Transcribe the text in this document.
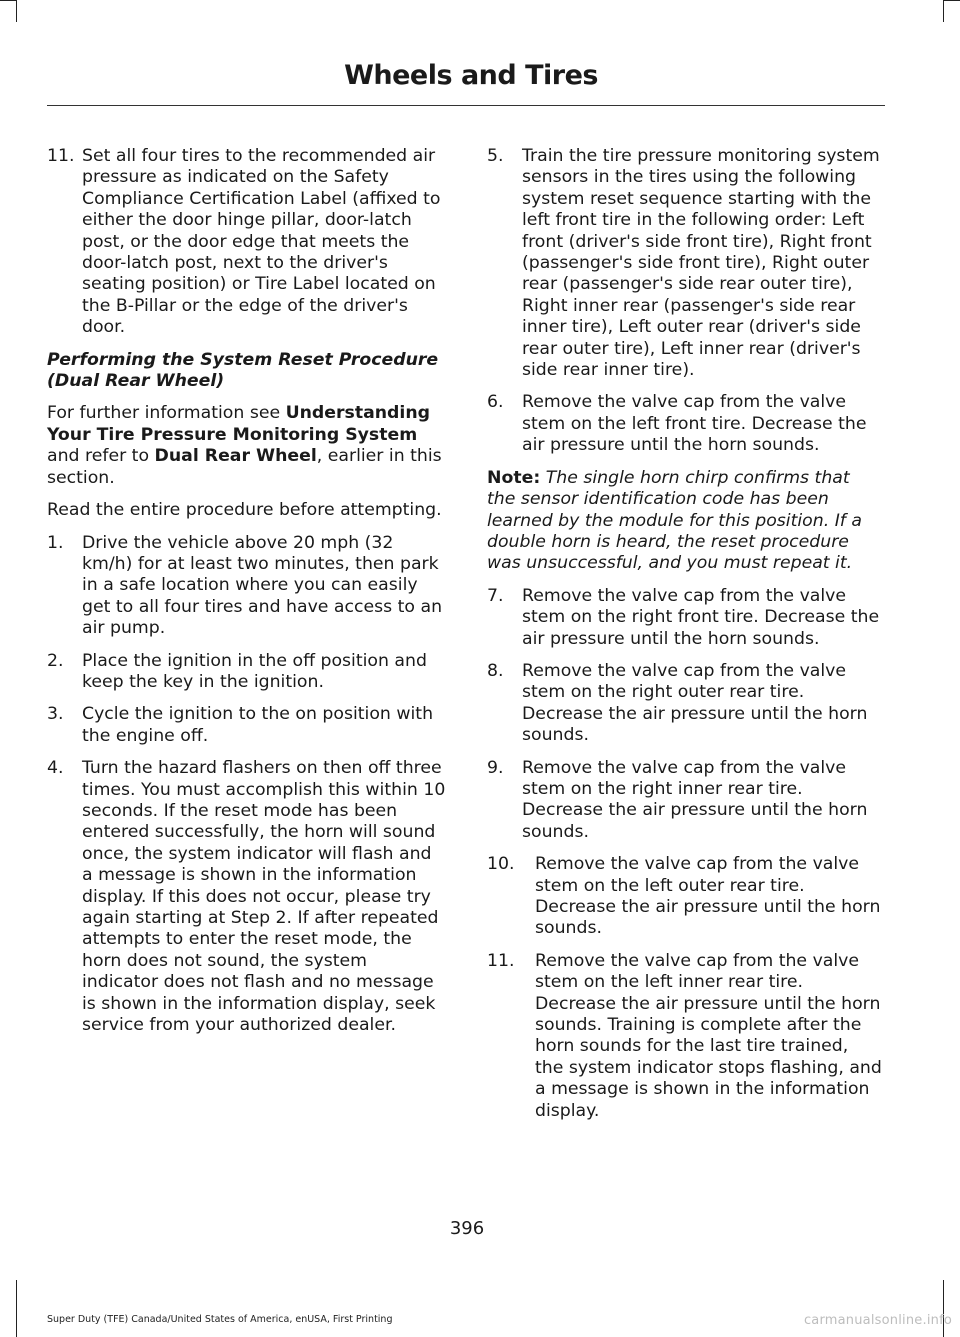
Wheels and Tires
11. Set all four tires to the recommended air pressure as indicated on the Safety Compliance Certification Label (affixed to either the door hinge pillar, door-latch post, or the door edge that meets the door-latch post, next to the driver's seating position) or Tire Label located on the B-Pillar or the edge of the driver's door.
Performing the System Reset Procedure (Dual Rear Wheel)

For further information see Understanding Your Tire Pressure Monitoring System and refer to Dual Rear Wheel, earlier in this section.

Read the entire procedure before attempting.

1. Drive the vehicle above 20 mph (32 km/h) for at least two minutes, then park in a safe location where you can easily get to all four tires and have access to an air pump.
2. Place the ignition in the off position and keep the key in the ignition.
3. Cycle the ignition to the on position with the engine off.
4. Turn the hazard flashers on then off three times. You must accomplish this within 10 seconds. If the reset mode has been entered successfully, the horn will sound once, the system indicator will flash and a message is shown in the information display. If this does not occur, please try again starting at Step 2. If after repeated attempts to enter the reset mode, the horn does not sound, the system indicator does not flash and no message is shown in the information display, seek service from your authorized dealer.
5. Train the tire pressure monitoring system sensors in the tires using the following system reset sequence starting with the left front tire in the following order: Left front (driver's side front tire), Right front (passenger's side front tire), Right outer rear (passenger's side rear outer tire), Right inner rear (passenger's side rear inner tire), Left outer rear (driver's side rear outer tire), Left inner rear (driver's side rear inner tire).
6. Remove the valve cap from the valve stem on the left front tire. Decrease the air pressure until the horn sounds.

Note: The single horn chirp confirms that the sensor identification code has been learned by the module for this position. If a double horn is heard, the reset procedure was unsuccessful, and you must repeat it.

7. Remove the valve cap from the valve stem on the right front tire. Decrease the air pressure until the horn sounds.
8. Remove the valve cap from the valve stem on the right outer rear tire. Decrease the air pressure until the horn sounds.
9. Remove the valve cap from the valve stem on the right inner rear tire. Decrease the air pressure until the horn sounds.
10. Remove the valve cap from the valve stem on the left outer rear tire. Decrease the air pressure until the horn sounds.
11. Remove the valve cap from the valve stem on the left inner rear tire. Decrease the air pressure until the horn sounds. Training is complete after the horn sounds for the last tire trained, the system indicator stops flashing, and a message is shown in the information display.
396
Super Duty (TFE) Canada/United States of America, enUSA, First Printing	carmanualsonline.info
